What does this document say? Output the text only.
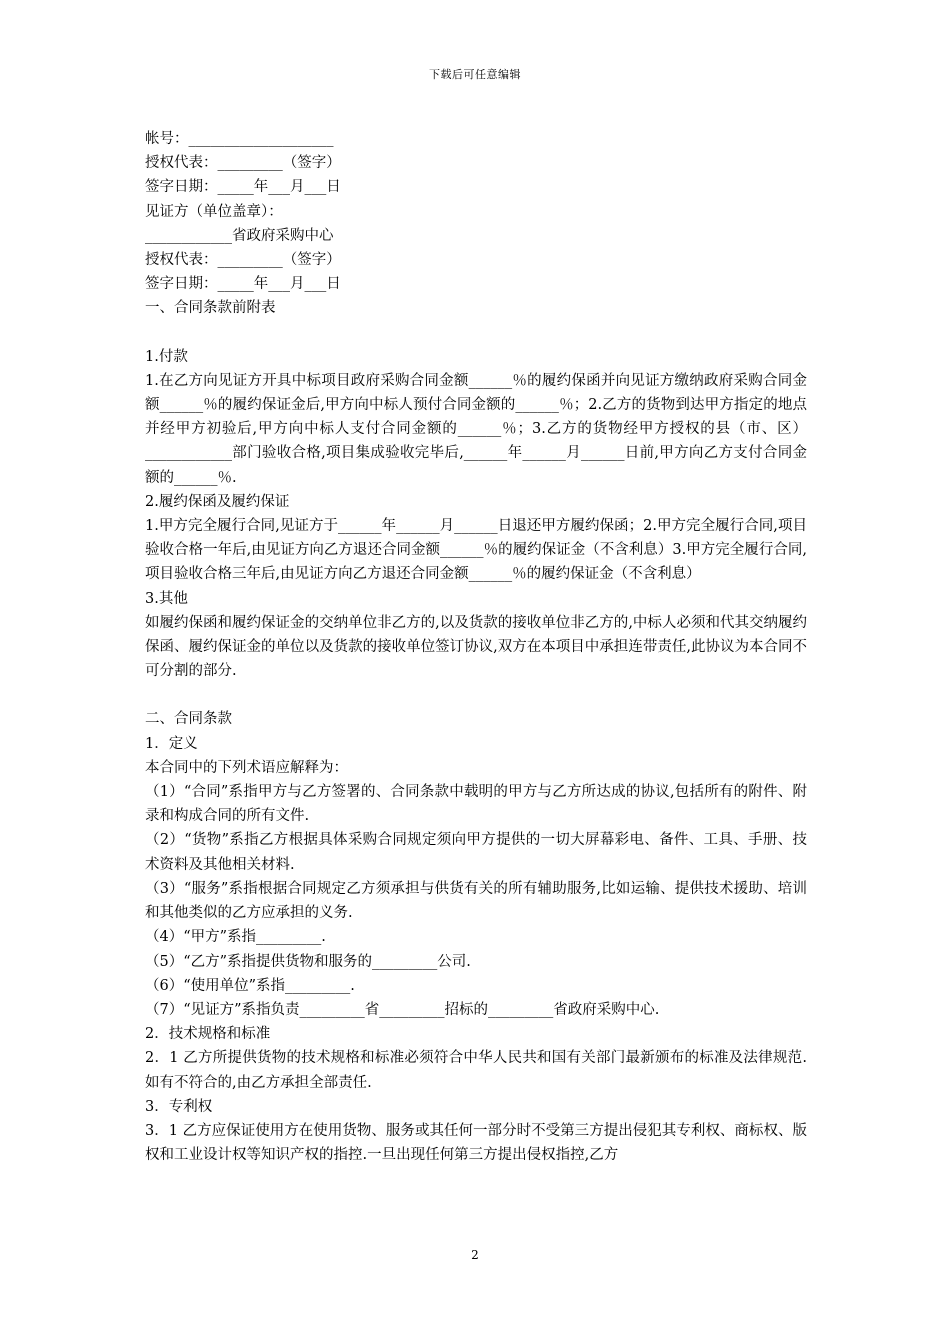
下载后可任意编辑
帐号：____________________
授权代表：_________（签字）
签字日期：_____年___月___日
见证方（单位盖章）：
____________省政府采购中心
授权代表：_________（签字）
签字日期：_____年___月___日
一、合同条款前附表
1.付款
1.在乙方向见证方开具中标项目政府采购合同金额______％的履约保函并向见证方缴纳政府采购合同金额______％的履约保证金后,甲方向中标人预付合同金额的______％；2.乙方的货物到达甲方指定的地点并经甲方初验后,甲方向中标人支付合同金额的______％；3.乙方的货物经甲方授权的县（市、区） ____________部门验收合格,项目集成验收完毕后,______年______月______日前,甲方向乙方支付合同金额的______％.
2.履约保函及履约保证
1.甲方完全履行合同,见证方于______年______月______日退还甲方履约保函；2.甲方完全履行合同,项目验收合格一年后,由见证方向乙方退还合同金额______％的履约保证金（不含利息）3.甲方完全履行合同,项目验收合格三年后,由见证方向乙方退还合同金额______％的履约保证金（不含利息）
3.其他
如履约保函和履约保证金的交纳单位非乙方的,以及货款的接收单位非乙方的,中标人必须和代其交纳履约保函、履约保证金的单位以及货款的接收单位签订协议,双方在本项目中承担连带责任,此协议为本合同不可分割的部分.
二、合同条款
1．定义
本合同中的下列术语应解释为：
（1）“合同”系指甲方与乙方签署的、合同条款中载明的甲方与乙方所达成的协议,包括所有的附件、附录和构成合同的所有文件.
（2）“货物”系指乙方根据具体采购合同规定须向甲方提供的一切大屏幕彩电、备件、工具、手册、技术资料及其他相关材料.
（3）“服务”系指根据合同规定乙方须承担与供货有关的所有辅助服务,比如运输、提供技术援助、培训和其他类似的乙方应承担的义务.
（4）“甲方”系指_________.
（5）“乙方”系指提供货物和服务的_________公司.
（6）“使用单位”系指_________.
（7）“见证方”系指负责_________省_________招标的_________省政府采购中心.
2．技术规格和标准
2．1 乙方所提供货物的技术规格和标准必须符合中华人民共和国有关部门最新颁布的标准及法律规范.如有不符合的,由乙方承担全部责任.
3．专利权
3．1 乙方应保证使用方在使用货物、服务或其任何一部分时不受第三方提出侵犯其专利权、商标权、版权和工业设计权等知识产权的指控.一旦出现任何第三方提出侵权指控,乙方
2
